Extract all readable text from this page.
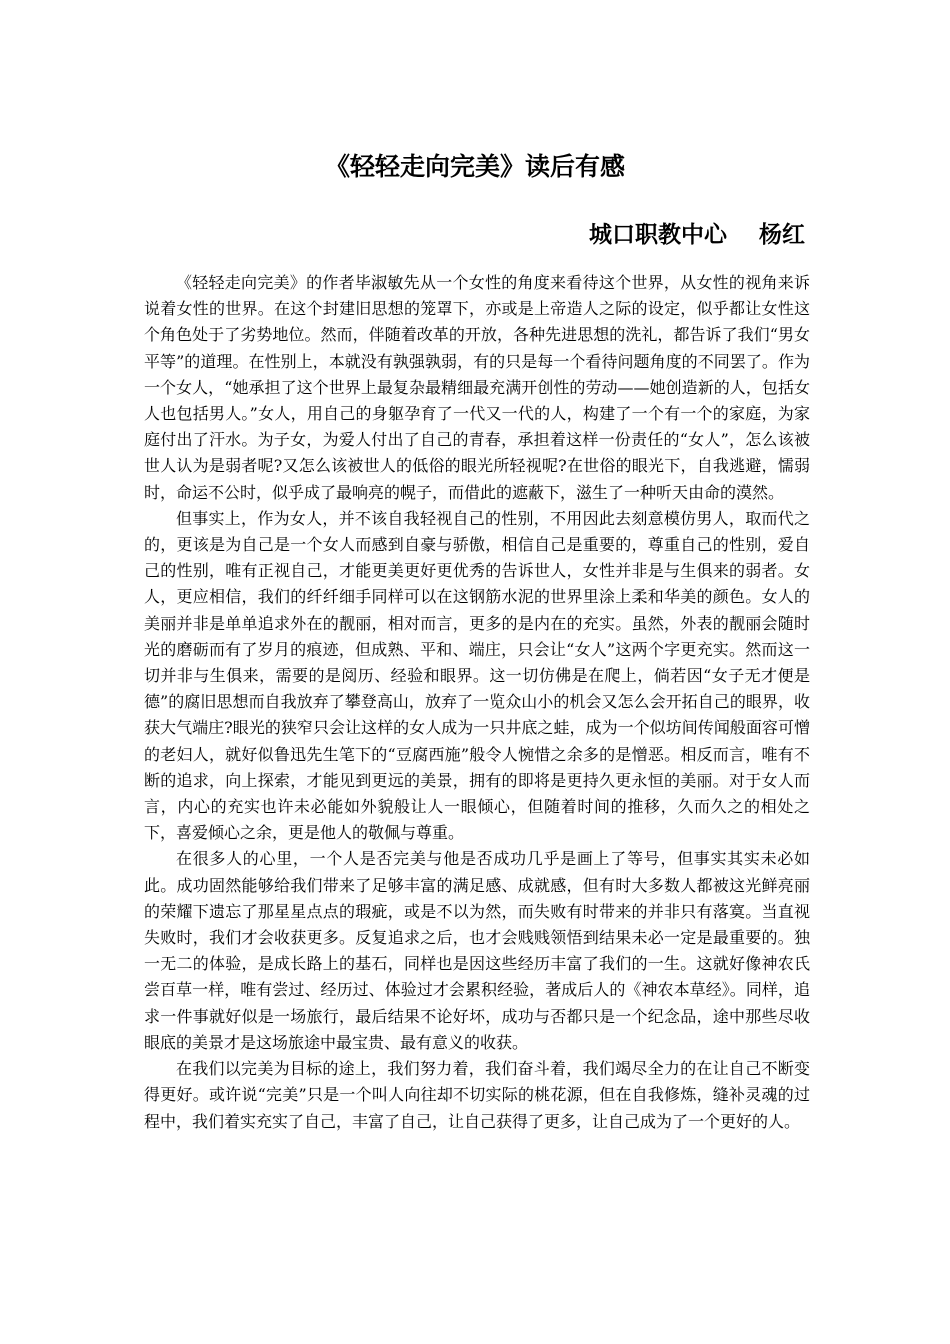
《轻轻走向完美》读后有感
城口职教中心    杨红

《轻轻走向完美》的作者毕淑敏先从一个女性的角度来看待这个世界，从女性的视角来诉说着女性的世界。在这个封建旧思想的笼罩下，亦或是上帝造人之际的设定，似乎都让女性这个角色处于了劣势地位。然而，伴随着改革的开放，各种先进思想的洗礼，都告诉了我们“男女平等”的道理。在性别上，本就没有孰强孰弱，有的只是每一个看待问题角度的不同罢了。作为一个女人，“她承担了这个世界上最复杂最精细最充满开创性的劳动——她创造新的人，包括女人也包括男人。”女人，用自己的身躯孕育了一代又一代的人，构建了一个有一个的家庭，为家庭付出了汗水。为子女，为爱人付出了自己的青春，承担着这样一份责任的“女人”，怎么该被世人认为是弱者呢?又怎么该被世人的低俗的眼光所轻视呢?在世俗的眼光下，自我逃避，懦弱时，命运不公时，似乎成了最响亮的幌子，而借此的遮蔽下，滋生了一种听天由命的漠然。

但事实上，作为女人，并不该自我轻视自己的性别，不用因此去刻意模仿男人，取而代之的，更该是为自己是一个女人而感到自豪与骄傲，相信自己是重要的，尊重自己的性别，爱自己的性别，唯有正视自己，才能更美更好更优秀的告诉世人，女性并非是与生俱来的弱者。女人，更应相信，我们的纤纤细手同样可以在这钢筋水泥的世界里涂上柔和华美的颜色。女人的美丽并非是单单追求外在的靓丽，相对而言，更多的是内在的充实。虽然，外表的靓丽会随时光的磨砺而有了岁月的痕迹，但成熟、平和、端庄，只会让“女人”这两个字更充实。然而这一切并非与生俱来，需要的是阅历、经验和眼界。这一切仿佛是在爬上，倘若因“女子无才便是德”的腐旧思想而自我放弃了攀登高山，放弃了一览众山小的机会又怎么会开拓自己的眼界，收获大气端庄?眼光的狭窄只会让这样的女人成为一只井底之蛙，成为一个似坊间传闻般面容可憎的老妇人，就好似鲁迅先生笔下的“豆腐西施”般令人惋惜之余多的是憎恶。相反而言，唯有不断的追求，向上探索，才能见到更远的美景，拥有的即将是更持久更永恒的美丽。对于女人而言，内心的充实也许未必能如外貌般让人一眼倾心，但随着时间的推移，久而久之的相处之下，喜爱倾心之余，更是他人的敬佩与尊重。

在很多人的心里，一个人是否完美与他是否成功几乎是画上了等号，但事实其实未必如此。成功固然能够给我们带来了足够丰富的满足感、成就感，但有时大多数人都被这光鲜亮丽的荣耀下遗忘了那星星点点的瑕疵，或是不以为然，而失败有时带来的并非只有落寞。当直视失败时，我们才会收获更多。反复追求之后，也才会贱贱领悟到结果未必一定是最重要的。独一无二的体验，是成长路上的基石，同样也是因这些经历丰富了我们的一生。这就好像神农氏尝百草一样，唯有尝过、经历过、体验过才会累积经验，著成后人的《神农本草经》。同样，追求一件事就好似是一场旅行，最后结果不论好坏，成功与否都只是一个纪念品，途中那些尽收眼底的美景才是这场旅途中最宝贵、最有意义的收获。

在我们以完美为目标的途上，我们努力着，我们奋斗着，我们竭尽全力的在让自己不断变得更好。或许说“完美”只是一个叫人向往却不切实际的桃花源，但在自我修炼，缝补灵魂的过程中，我们着实充实了自己，丰富了自己，让自己获得了更多，让自己成为了一个更好的人。
